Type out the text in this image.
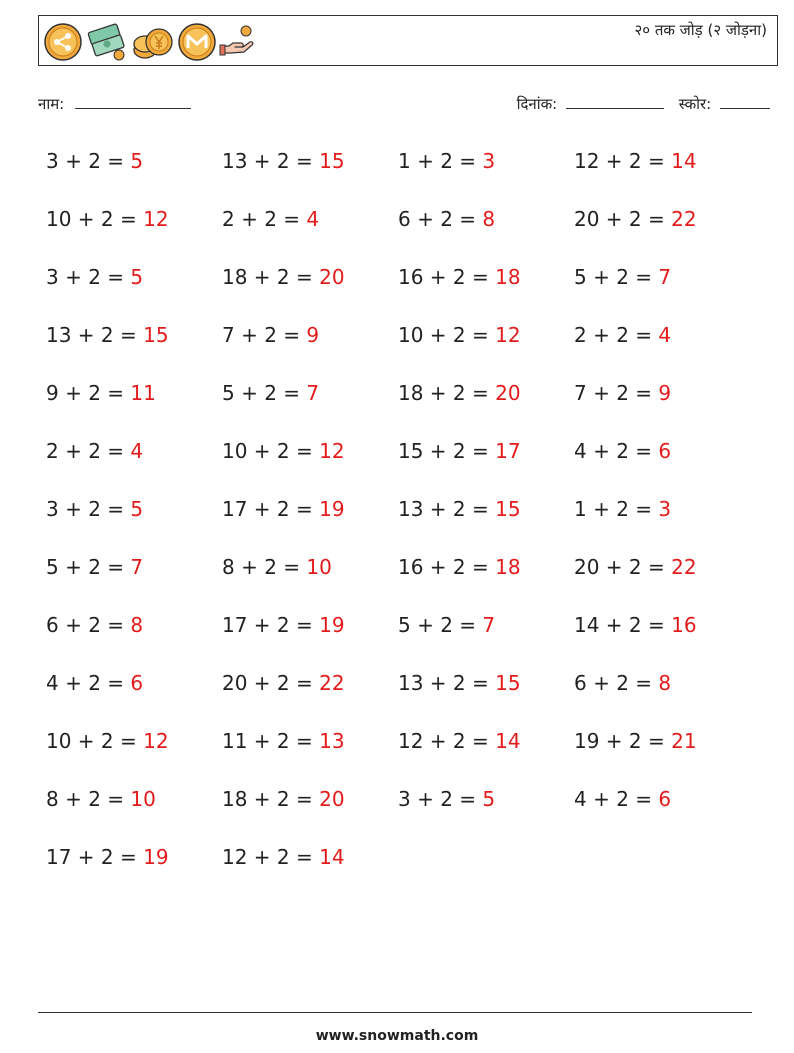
२० तक जोड़ (२ जोड़ना)
नाम:	दिनांक:	स्कोर:
3 + 2 = 5	13 + 2 = 15	1 + 2 = 3	12 + 2 = 14
10 + 2 = 12	2 + 2 = 4	6 + 2 = 8	20 + 2 = 22
3 + 2 = 5	18 + 2 = 20	16 + 2 = 18	5 + 2 = 7
13 + 2 = 15	7 + 2 = 9	10 + 2 = 12	2 + 2 = 4
9 + 2 = 11	5 + 2 = 7	18 + 2 = 20	7 + 2 = 9
2 + 2 = 4	10 + 2 = 12	15 + 2 = 17	4 + 2 = 6
3 + 2 = 5	17 + 2 = 19	13 + 2 = 15	1 + 2 = 3
5 + 2 = 7	8 + 2 = 10	16 + 2 = 18	20 + 2 = 22
6 + 2 = 8	17 + 2 = 19	5 + 2 = 7	14 + 2 = 16
4 + 2 = 6	20 + 2 = 22	13 + 2 = 15	6 + 2 = 8
10 + 2 = 12	11 + 2 = 13	12 + 2 = 14	19 + 2 = 21
8 + 2 = 10	18 + 2 = 20	3 + 2 = 5	4 + 2 = 6
17 + 2 = 19	12 + 2 = 14
www.snowmath.com
